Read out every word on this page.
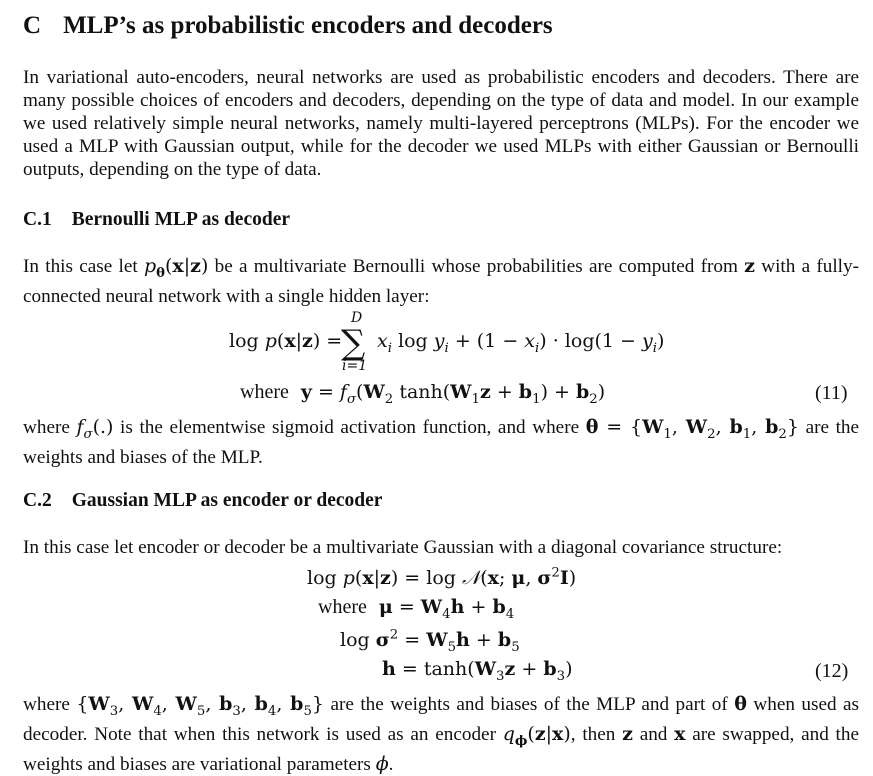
C MLP’s as probabilistic encoders and decoders
In variational auto-encoders, neural networks are used as probabilistic encoders and decoders. There are many possible choices of encoders and decoders, depending on the type of data and model. In our example we used relatively simple neural networks, namely multi-layered perceptrons (MLPs). For the encoder we used a MLP with Gaussian output, while for the decoder we used MLPs with either Gaussian or Bernoulli outputs, depending on the type of data.
C.1 Bernoulli MLP as decoder
In this case let $p_\theta(x|z)$ be a multivariate Bernoulli whose probabilities are computed from z with a fully-connected neural network with a single hidden layer:
log p(x|z) =
D
∑
i=1
$x_i$ $\log y_i + (1 - x_i) \cdot \log(1 - y_i)$
where $y = f_\sigma(W_2$ $\tanh(W_1z + b_1) + b_2$)	(11)
where $f_\sigma(.)$ is the elementwise sigmoid activation function, and where $\theta = \{W_1$, $W_2$, $b_1$, $b_2$} are the weights and biases of the MLP.
C.2 Gaussian MLP as encoder or decoder
In this case let encoder or decoder be a multivariate Gaussian with a diagonal covariance structure:
log p(x|z) = log 𝒩(x; μ, $\sigma^2I$)
where $\mu = W_4h + b_4$
$\log \sigma^2 = W_5h + b_5$
$h = \tanh(W_3z + b_3)$	(12)
where {$W_3$, $W_4$, $W_5$, $b_3$, $b_4$, $b_5$} are the weights and biases of the MLP and part of θ when used as decoder. Note that when this network is used as an encoder $q_\phi(z|x)$, then z and x are swapped, and the weights and biases are variational parameters ϕ.
